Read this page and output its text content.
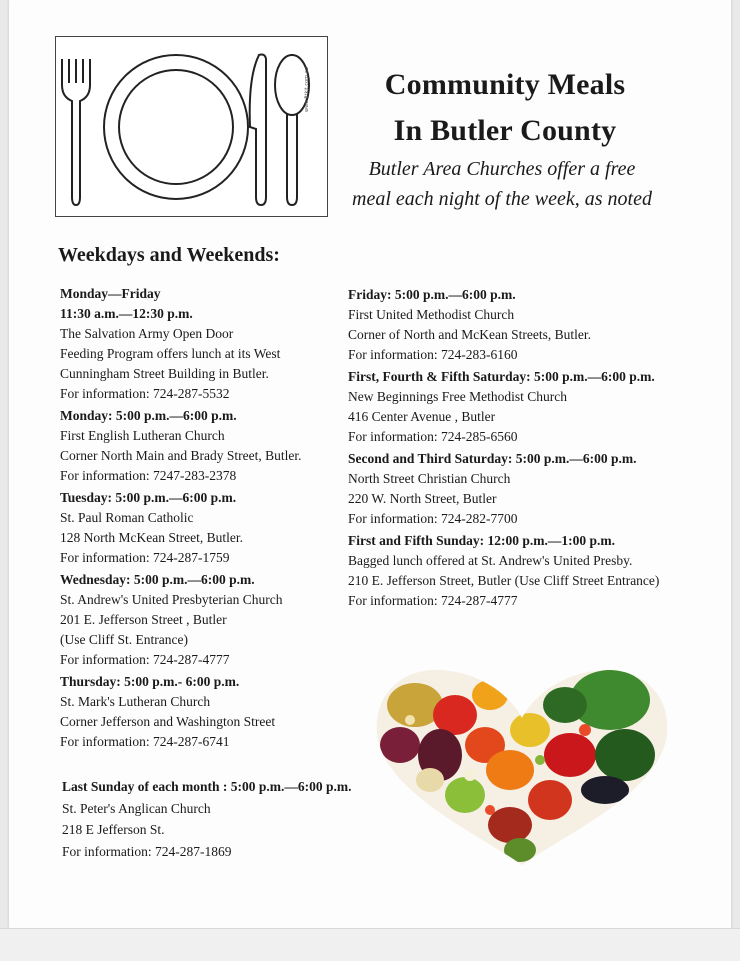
www.fitkit.com.au	Community Meals
In Butler County
Butler Area Churches offer a free
meal each night of the week, as noted
Weekdays and Weekends:
Monday—Friday
11:30 a.m.—12:30 p.m.
The Salvation Army Open Door
Feeding Program offers lunch at its West
Cunningham Street Building in Butler.
For information: 724-287-5532
Monday: 5:00 p.m.—6:00 p.m.
First English Lutheran Church
Corner North Main and Brady Street, Butler.
For information: 7247-283-2378
Tuesday: 5:00 p.m.—6:00 p.m.
St. Paul Roman Catholic
128 North McKean Street, Butler.
For information: 724-287-1759
Wednesday: 5:00 p.m.—6:00 p.m.
St. Andrew's United Presbyterian Church
201 E. Jefferson Street , Butler
(Use Cliff St. Entrance)
For information: 724-287-4777
Thursday: 5:00 p.m.- 6:00 p.m.
St. Mark's Lutheran Church
Corner Jefferson and Washington Street
For information: 724-287-6741
Friday: 5:00 p.m.—6:00 p.m.
First United Methodist Church
Corner of North and McKean Streets, Butler.
For information: 724-283-6160
First, Fourth & Fifth Saturday: 5:00 p.m.—6:00 p.m.
New Beginnings Free Methodist Church
416 Center Avenue , Butler
For information: 724-285-6560
Second and Third Saturday: 5:00 p.m.—6:00 p.m.
North Street Christian Church
220 W. North Street, Butler
For information: 724-282-7700
First and Fifth Sunday: 12:00 p.m.—1:00 p.m.
Bagged lunch offered at St. Andrew's United Presby.
210 E. Jefferson Street, Butler (Use Cliff Street Entrance)
For information: 724-287-4777
Last Sunday of each month : 5:00 p.m.—6:00 p.m.
St. Peter's Anglican Church
218 E Jefferson St.
For information: 724-287-1869
